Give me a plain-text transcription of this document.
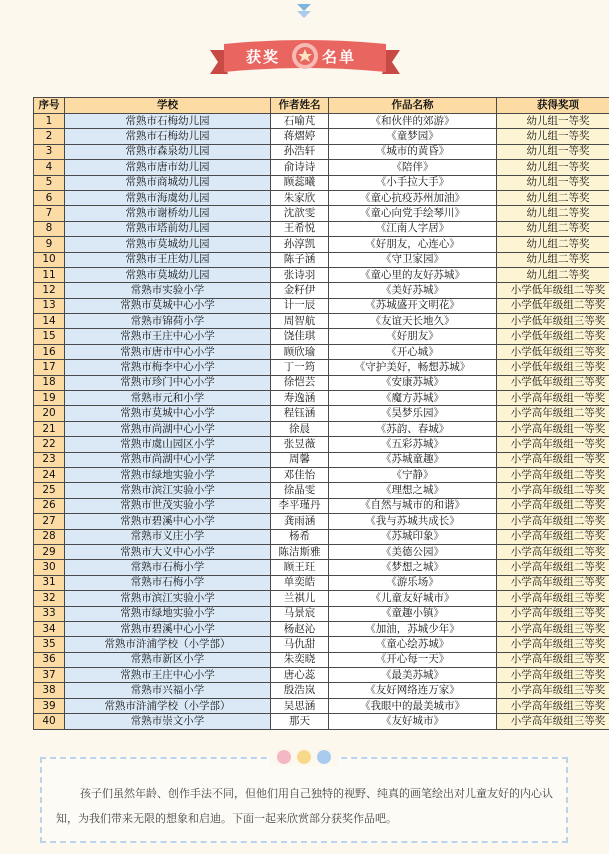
获奖	名单
序号	学校	作者姓名	作品名称	获得奖项
1	常熟市石梅幼儿园	石喻芃	《和伙伴的郊游》	幼儿组一等奖
2	常熟市石梅幼儿园	蒋熠婷	《童梦园》	幼儿组一等奖
3	常熟市森泉幼儿园	孙浩轩	《城市的黄昏》	幼儿组一等奖
4	常熟市唐市幼儿园	俞诗诗	《陪伴》	幼儿组一等奖
5	常熟市商城幼儿园	顾蕊曦	《小手拉大手》	幼儿组一等奖
6	常熟市海虞幼儿园	朱家欣	《童心抗疫苏州加油》	幼儿组二等奖
7	常熟市谢桥幼儿园	沈歆雯	《童心向党手绘琴川》	幼儿组二等奖
8	常熟市塔前幼儿园	王希悦	《江南人字居》	幼儿组二等奖
9	常熟市莫城幼儿园	孙淳凯	《好朋友，心连心》	幼儿组二等奖
10	常熟市王庄幼儿园	陈子涵	《守卫家园》	幼儿组二等奖
11	常熟市莫城幼儿园	张诗羽	《童心里的友好苏城》	幼儿组二等奖
12	常熟市实验小学	金籽伊	《美好苏城》	小学低年级组二等奖
13	常熟市莫城中心小学	计一辰	《苏城盛开文明花》	小学低年级组二等奖
14	常熟市锦荷小学	周智航	《友谊天长地久》	小学低年级组三等奖
15	常熟市王庄中心小学	饶佳琪	《好朋友》	小学低年级组二等奖
16	常熟市唐市中心小学	顾欣瑜	《开心城》	小学低年级组三等奖
17	常熟市梅李中心小学	丁一筠	《守护美好，畅想苏城》	小学低年级组三等奖
18	常熟市珍门中心小学	徐恺芸	《安康苏城》	小学低年级组三等奖
19	常熟市元和小学	寿逸涵	《魔方苏城》	小学高年级组一等奖
20	常熟市莫城中心小学	程钰涵	《昊梦乐园》	小学高年级组二等奖
21	常熟市尚湖中心小学	徐晨	《苏韵、春城》	小学高年级组一等奖
22	常熟市虞山园区小学	张昱薇	《五彩苏城》	小学高年级组一等奖
23	常熟市尚湖中心小学	周馨	《苏城童趣》	小学高年级组一等奖
24	常熟市绿地实验小学	邓佳怡	《宁静》	小学高年级组二等奖
25	常熟市滨江实验小学	徐晶雯	《理想之城》	小学高年级组二等奖
26	常熟市世茂实验小学	李平瑾丹	《自然与城市的和谐》	小学高年级组二等奖
27	常熟市碧溪中心小学	龚雨涵	《我与苏城共成长》	小学高年级组二等奖
28	常熟市义庄小学	杨希	《苏城印象》	小学高年级组二等奖
29	常熟市大义中心小学	陈洁斯雅	《美德公园》	小学高年级组二等奖
30	常熟市石梅小学	顾王玨	《梦想之城》	小学高年级组二等奖
31	常熟市石梅小学	单奕皓	《游乐场》	小学高年级组三等奖
32	常熟市滨江实验小学	兰祺儿	《儿童友好城市》	小学高年级组三等奖
33	常熟市绿地实验小学	马景宸	《童趣小镇》	小学高年级组三等奖
34	常熟市碧溪中心小学	杨赵沁	《加油，苏城少年》	小学高年级组三等奖
35	常熟市浒浦学校（小学部）	马仇甜	《童心绘苏城》	小学高年级组三等奖
36	常熟市新区小学	朱奕晓	《开心每一天》	小学高年级组三等奖
37	常熟市王庄中心小学	唐心蕊	《最美苏城》	小学高年级组三等奖
38	常熟市兴福小学	殷浩岚	《友好网络连万家》	小学高年级组三等奖
39	常熟市浒浦学校（小学部）	吴思涵	《我眼中的最美城市》	小学高年级组三等奖
40	常熟市崇文小学	那天	《友好城市》	小学高年级组三等奖
孩子们虽然年龄、创作手法不同，但他们用自己独特的视野、纯真的画笔绘出对儿童友好的内心认知，为我们带来无限的想象和启迪。下面一起来欣赏部分获奖作品吧。
